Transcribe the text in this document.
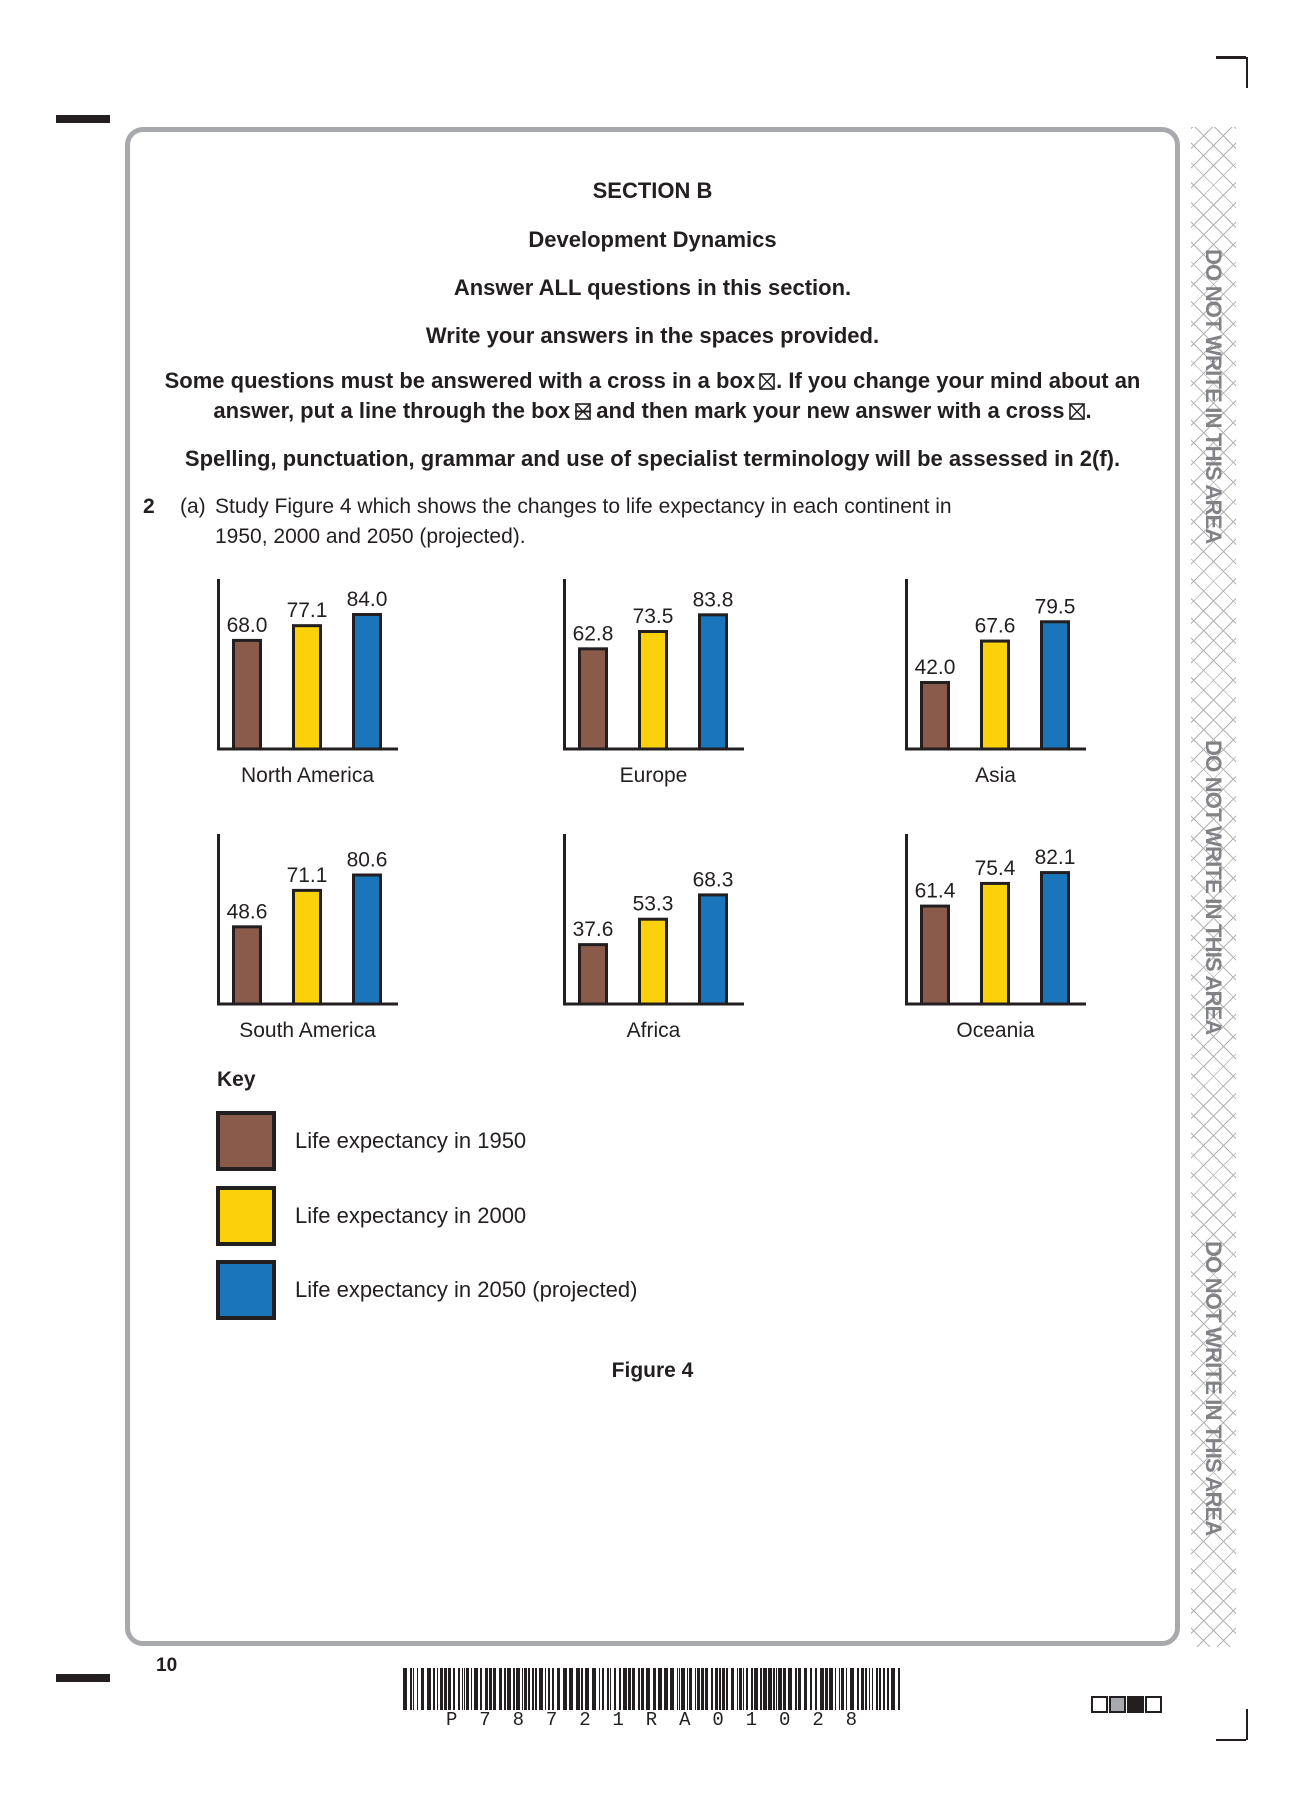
DO NOT WRITE IN THIS AREA
DO NOT WRITE IN THIS AREA
DO NOT WRITE IN THIS AREA
SECTION B
Development Dynamics
Answer ALL questions in this section.
Write your answers in the spaces provided.
Some questions must be answered with a cross in a box ☒. If you change your mind about an
answer, put a line through the box and then mark your new answer with a cross ☒.
Spelling, punctuation, grammar and use of specialist terminology will be assessed in 2(f).
2 (a) Study Figure 4 which shows the changes to life expectancy in each continent in
1950, 2000 and 2050 (projected).
68.0
77.1 84.0
North America
62.8
73.5
83.8
Europe
42.0
67.6
79.5
Asia
48.6
71.1
80.6
South America
37.6
53.3
68.3
Africa
61.4
75.4 82.1
Oceania
Key
Life expectancy in 1950
Life expectancy in 2000
Life expectancy in 2050 (projected)
Figure 4
10
P78721RA01028
